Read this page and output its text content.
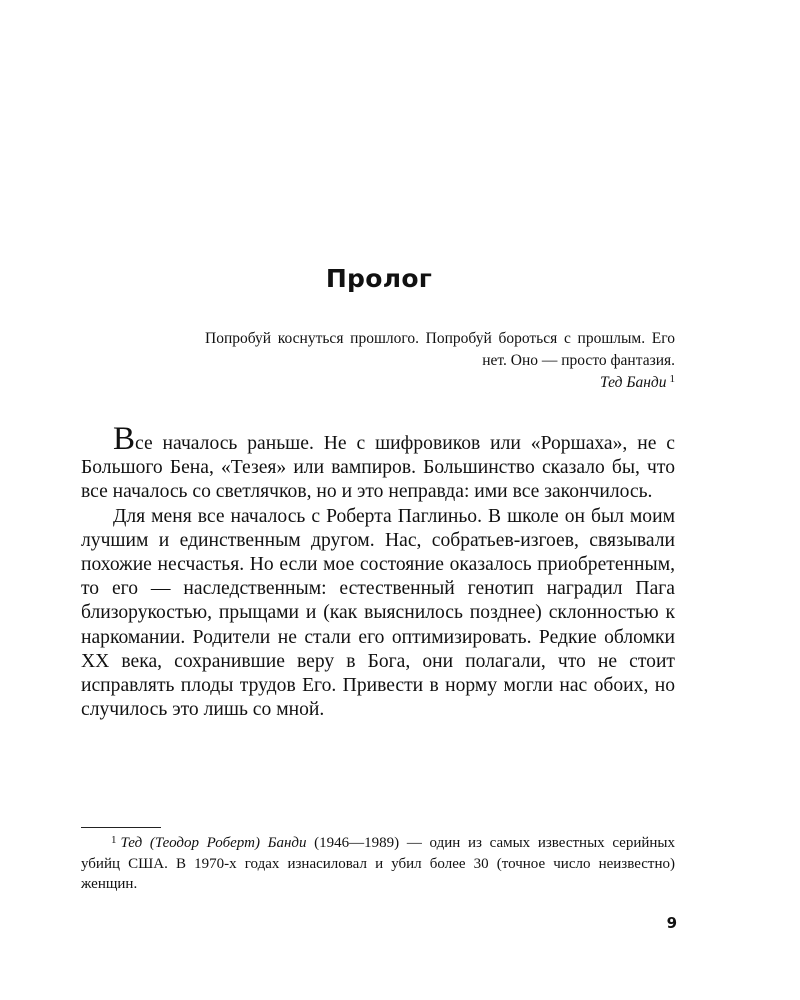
Пролог
Попробуй коснуться прошлого. Попробуй бороться с прошлым. Его нет. Оно — просто фантазия.
Тед Банди $^1$

Все началось раньше. Не с шифровиков или «Роршаха», не с Большого Бена, «Тезея» или вампиров. Большинство сказало бы, что все началось со светлячков, но и это неправда: ими все закончилось.

Для меня все началось с Роберта Паглиньо. В школе он был моим лучшим и единственным другом. Нас, собратьев-изгоев, связывали похожие несчастья. Но если мое состояние оказалось приобретенным, то его — наследственным: естественный генотип наградил Пага близорукостью, прыщами и (как выяснилось позднее) склонностью к наркомании. Родители не стали его оптимизировать. Редкие обломки XX века, сохранившие веру в Бога, они полагали, что не стоит исправлять плоды трудов Его. Привести в норму могли нас обоих, но случилось это лишь со мной.

$^1$ Тед (Теодор Роберт) Банди (1946—1989) — один из самых известных серийных убийц США. В 1970-х годах изнасиловал и убил более 30 (точное число неизвестно) женщин.
9
